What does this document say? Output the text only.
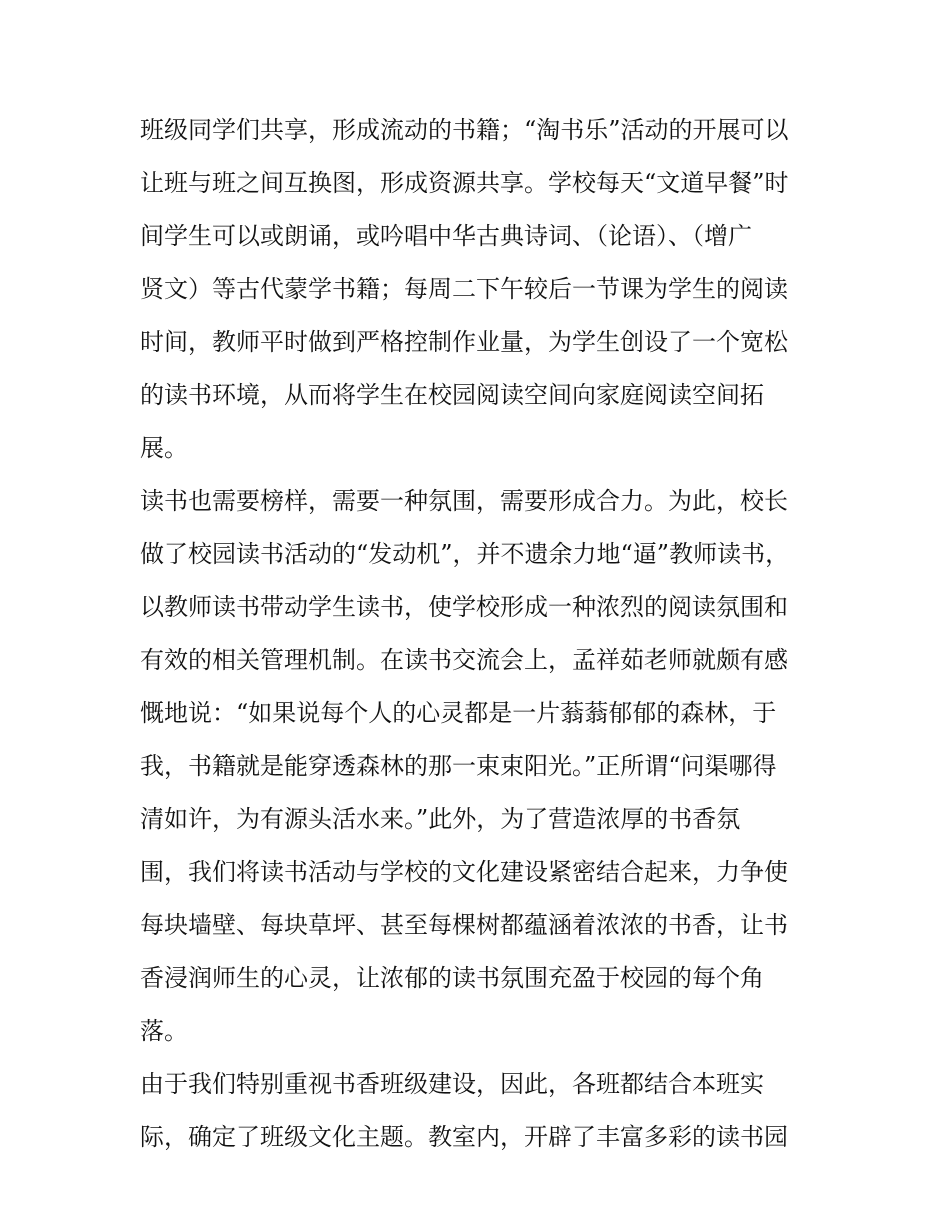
班级同学们共享，形成流动的书籍；“淘书乐”活动的开展可以
让班与班之间互换图，形成资源共享。学校每天“文道早餐”时
间学生可以或朗诵，或吟唱中华古典诗词、（论语）、（增广
贤文）等古代蒙学书籍；每周二下午较后一节课为学生的阅读
时间，教师平时做到严格控制作业量，为学生创设了一个宽松
的读书环境，从而将学生在校园阅读空间向家庭阅读空间拓
展。
读书也需要榜样，需要一种氛围，需要形成合力。为此，校长
做了校园读书活动的“发动机”，并不遗余力地“逼”教师读书，
以教师读书带动学生读书，使学校形成一种浓烈的阅读氛围和
有效的相关管理机制。在读书交流会上，孟祥茹老师就颇有感
慨地说：“如果说每个人的心灵都是一片蓊蓊郁郁的森林，于
我，书籍就是能穿透森林的那一束束阳光。”正所谓“问渠哪得
清如许，为有源头活水来。”此外，为了营造浓厚的书香氛
围，我们将读书活动与学校的文化建设紧密结合起来，力争使
每块墙壁、每块草坪、甚至每棵树都蕴涵着浓浓的书香，让书
香浸润师生的心灵，让浓郁的读书氛围充盈于校园的每个角
落。
由于我们特别重视书香班级建设，因此，各班都结合本班实
际，确定了班级文化主题。教室内，开辟了丰富多彩的读书园
